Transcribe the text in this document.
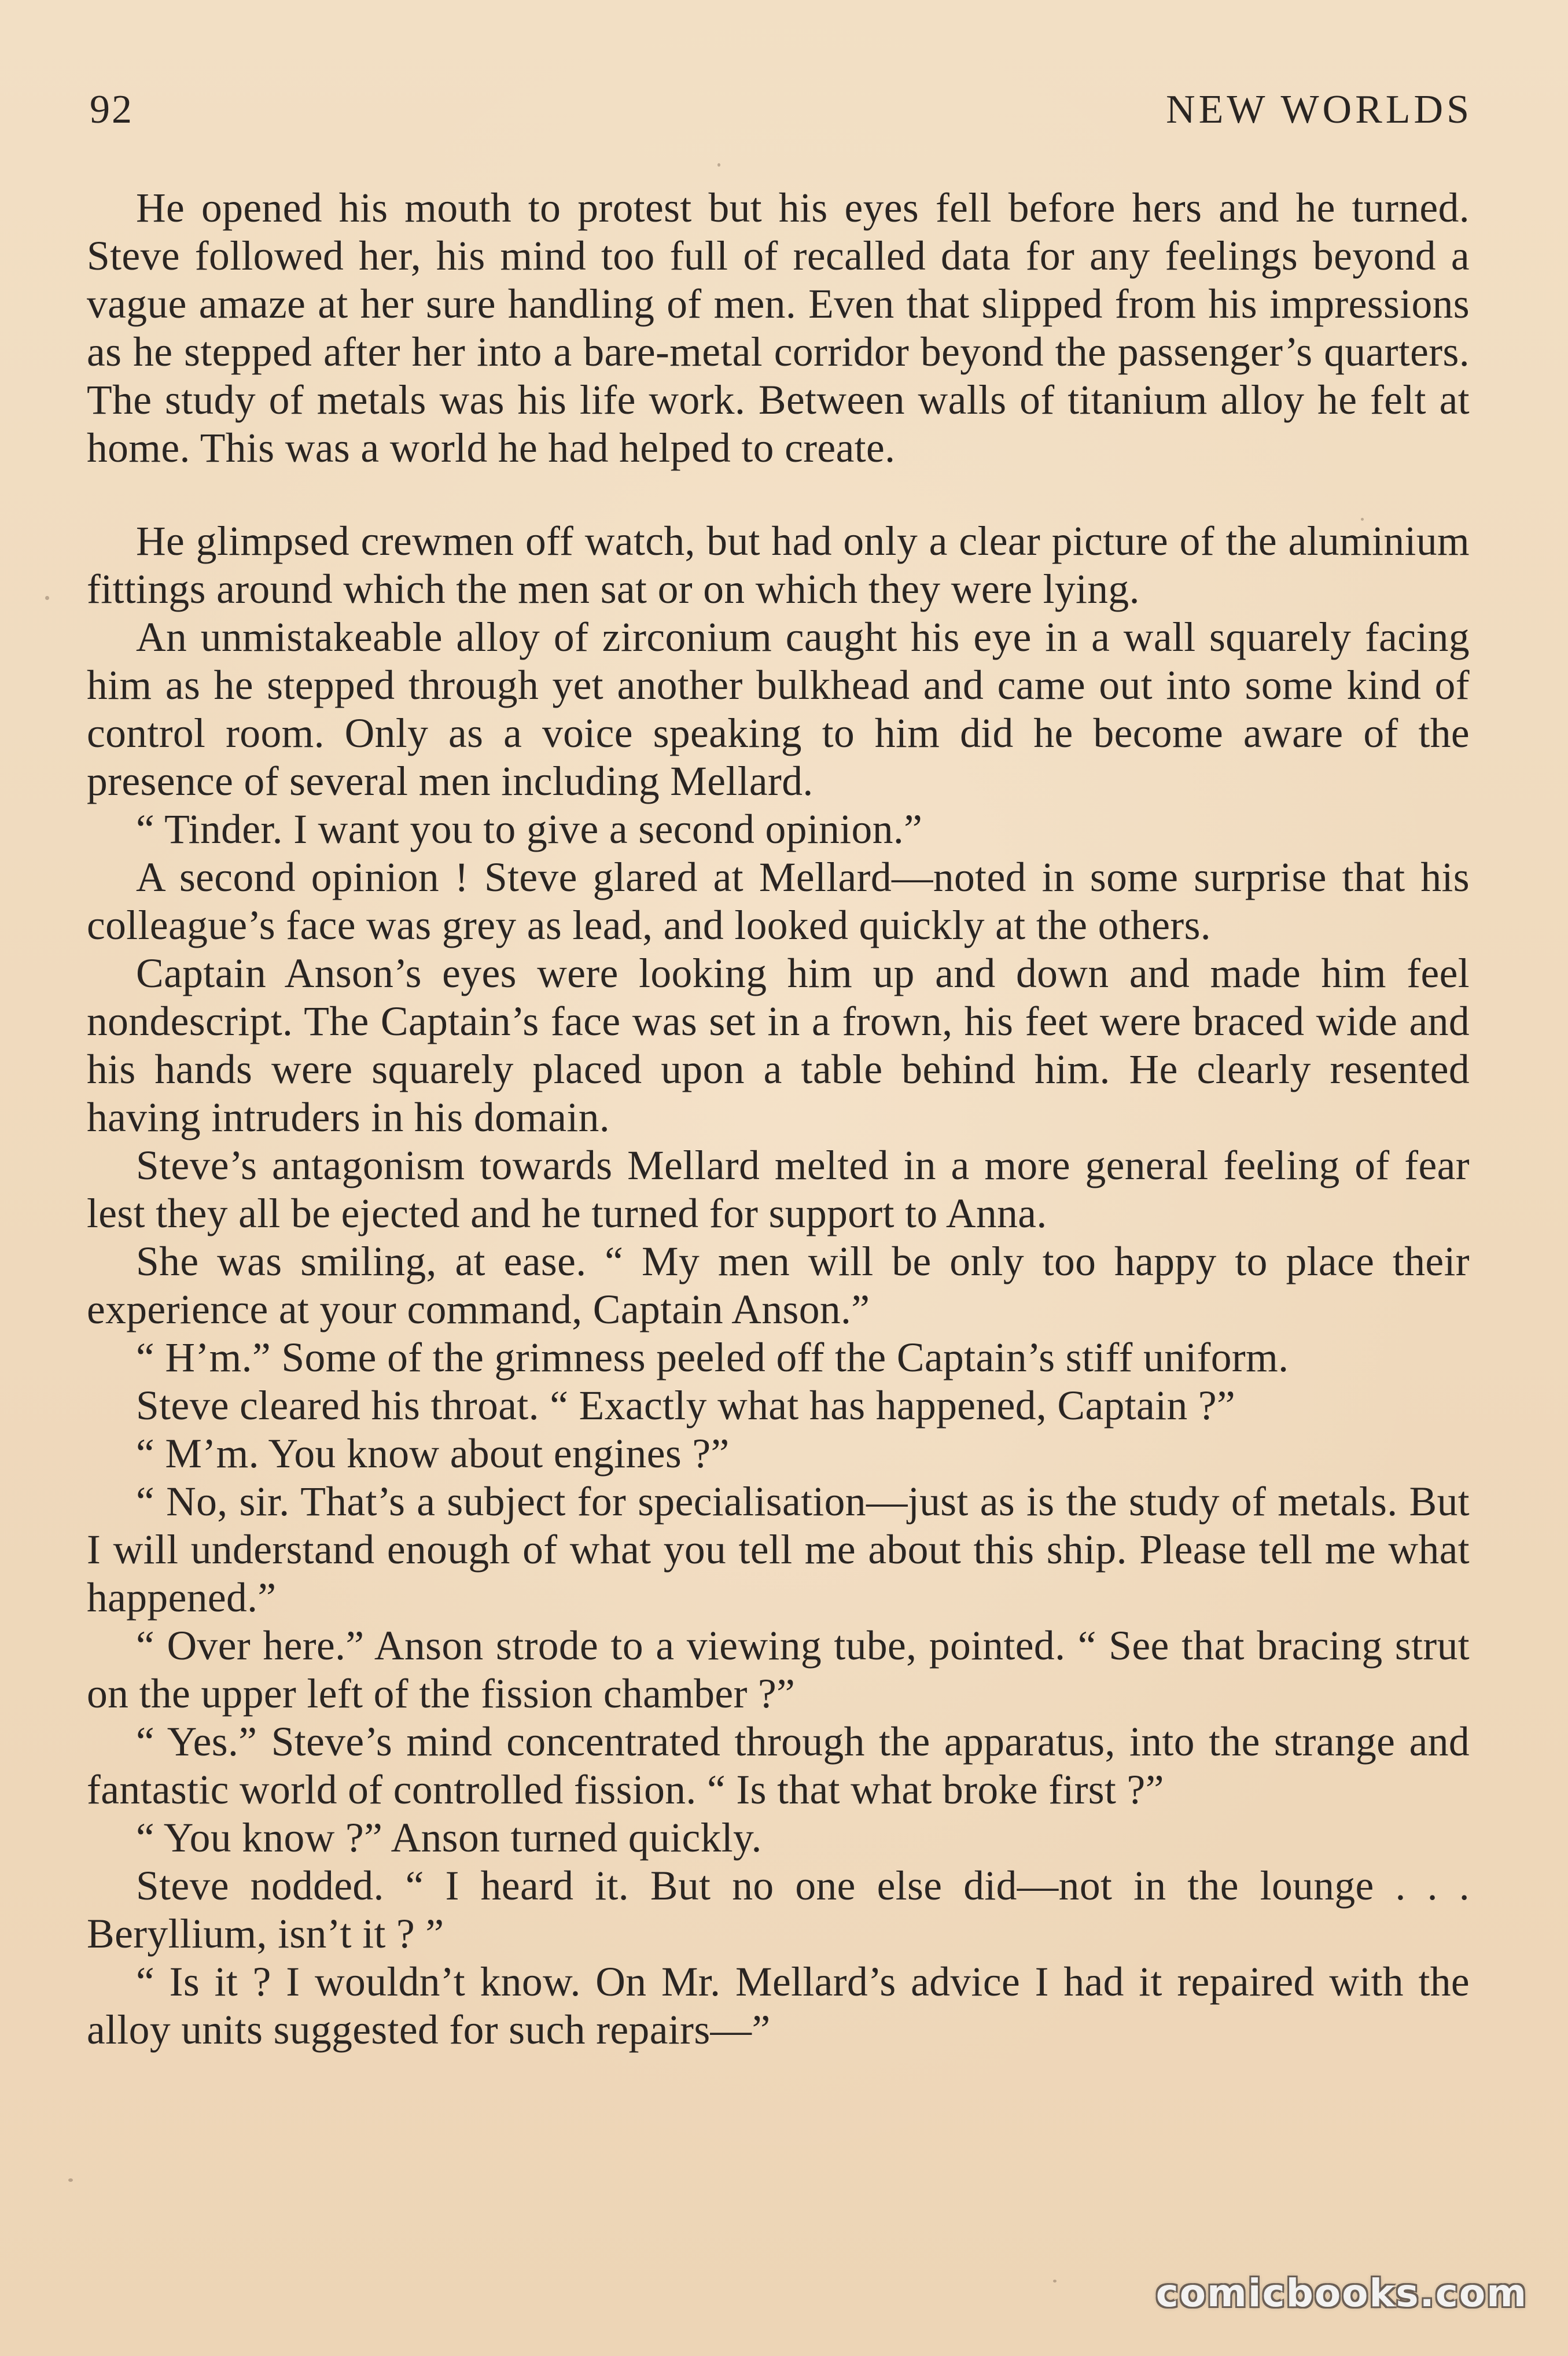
92	NEW WORLDS

He opened his mouth to protest but his eyes fell before hers and he turned. Steve followed her, his mind too full of recalled data for any feelings beyond a vague amaze at her sure handling of men. Even that slipped from his impressions as he stepped after her into a bare-metal corridor beyond the passenger’s quarters. The study of metals was his life work. Between walls of titanium alloy he felt at home. This was a world he had helped to create.

He glimpsed crewmen off watch, but had only a clear picture of the aluminium fittings around which the men sat or on which they were lying.

An unmistakeable alloy of zirconium caught his eye in a wall squarely facing him as he stepped through yet another bulkhead and came out into some kind of control room. Only as a voice speaking to him did he become aware of the presence of several men including Mellard.

“ Tinder. I want you to give a second opinion.”

A second opinion ! Steve glared at Mellard—noted in some surprise that his colleague’s face was grey as lead, and looked quickly at the others.

Captain Anson’s eyes were looking him up and down and made him feel nondescript. The Captain’s face was set in a frown, his feet were braced wide and his hands were squarely placed upon a table behind him. He clearly resented having intruders in his domain.

Steve’s antagonism towards Mellard melted in a more general feeling of fear lest they all be ejected and he turned for support to Anna.

She was smiling, at ease. “ My men will be only too happy to place their experience at your command, Captain Anson.”

“ H’m.” Some of the grimness peeled off the Captain’s stiff uniform.

Steve cleared his throat. “ Exactly what has happened, Captain ?”

“ M’m. You know about engines ?”

“ No, sir. That’s a subject for specialisation—just as is the study of metals. But I will understand enough of what you tell me about this ship. Please tell me what happened.”

“ Over here.” Anson strode to a viewing tube, pointed. “ See that bracing strut on the upper left of the fission chamber ?”

“ Yes.” Steve’s mind concentrated through the apparatus, into the strange and fantastic world of controlled fission. “ Is that what broke first ?”

“ You know ?” Anson turned quickly.

Steve nodded. “ I heard it. But no one else did—not in the lounge . . . Beryllium, isn’t it ? ”

“ Is it ? I wouldn’t know. On Mr. Mellard’s advice I had it repaired with the alloy units suggested for such repairs—”

comicbooks.com
